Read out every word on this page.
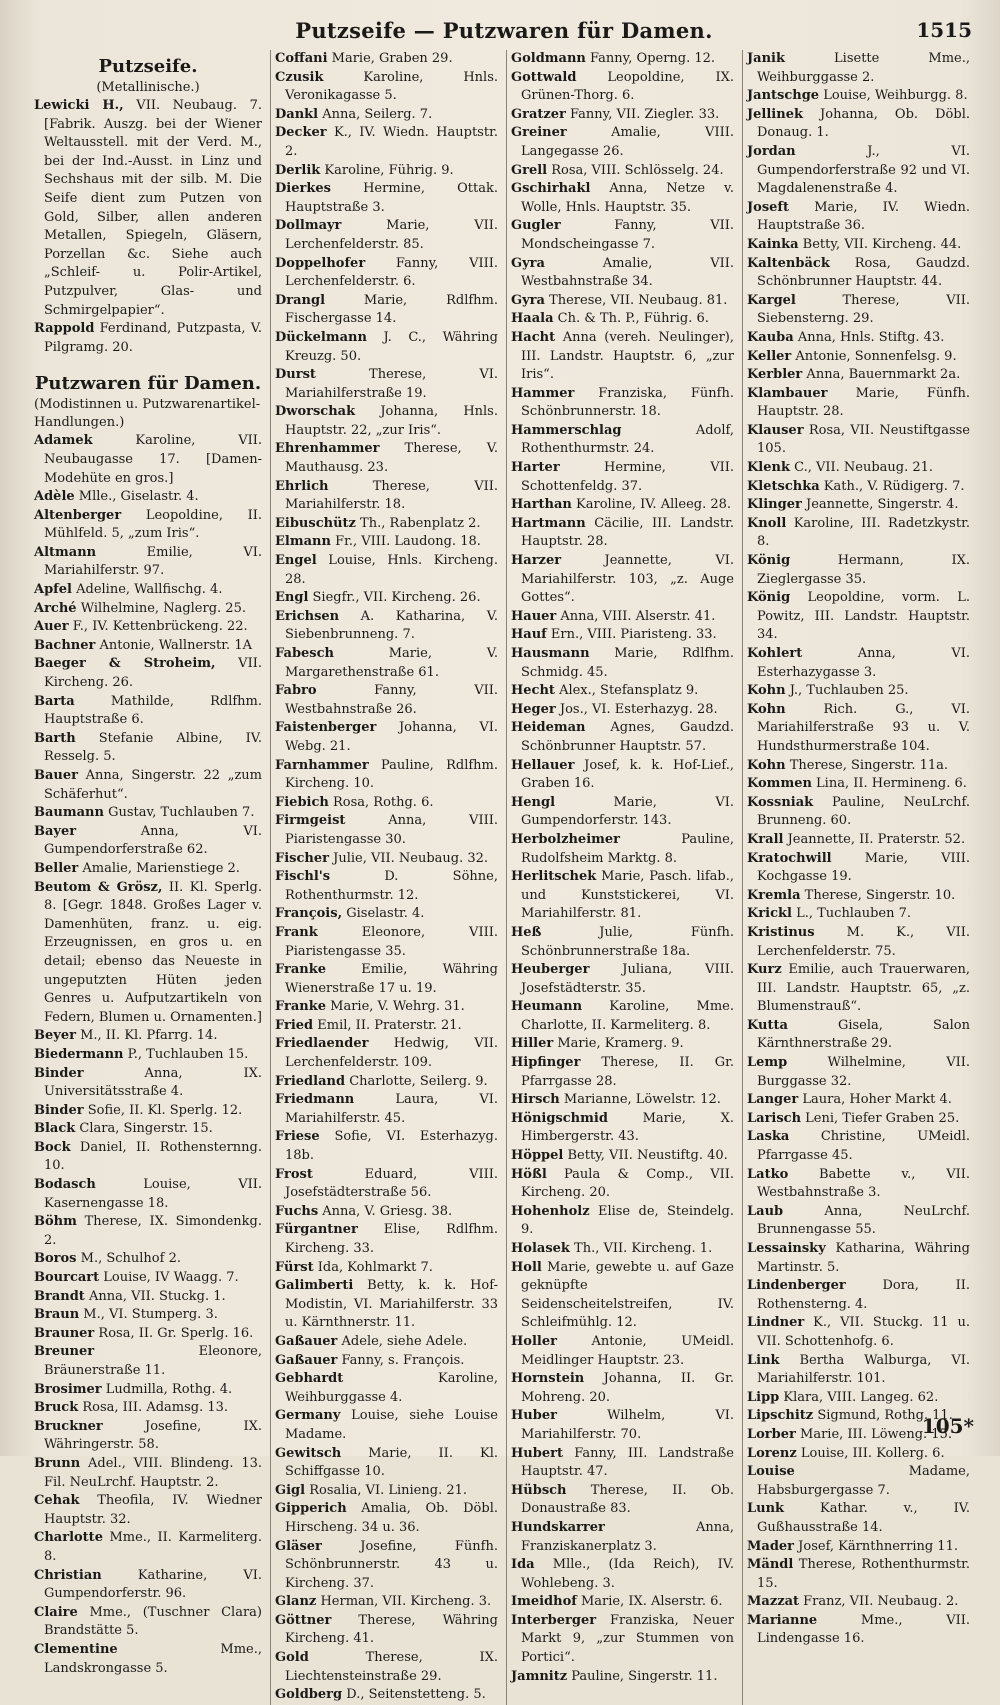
Putzseife — Putzwaren für Damen.	1515
Putzseife.
(Metallinische.)
Lewicki H., VII. Neubaug. 7. [Fabrik. Auszg. bei der Wiener Weltausstell. mit der Verd. M., bei der Ind.-Ausst. in Linz und Sechshaus mit der silb. M. Die Seife dient zum Putzen von Gold, Silber, allen anderen Metallen, Spiegeln, Gläsern, Porzellan &c. Siehe auch „Schleif- u. Polir-Artikel, Putzpulver, Glas- und Schmirgelpapier“.
Rappold Ferdinand, Putzpasta, V. Pilgramg. 20.
Putzwaren für Damen.
(Modistinnen u. Putzwarenartikel-Handlungen.)
Adamek Karoline, VII. Neubaugasse 17. [Damen-Modehüte en gros.]
Adèle Mlle., Giselastr. 4.
Altenberger Leopoldine, II. Mühlfeld. 5, „zum Iris“.
Altmann Emilie, VI. Mariahilferstr. 97.
Apfel Adeline, Wallfischg. 4.
Arché Wilhelmine, Naglerg. 25.
Auer F., IV. Kettenbrückeng. 22.
Bachner Antonie, Wallnerstr. 1A
Baeger & Stroheim, VII. Kircheng. 26.
Barta Mathilde, Rdlfhm. Hauptstraße 6.
Barth Stefanie Albine, IV. Resselg. 5.
Bauer Anna, Singerstr. 22 „zum Schäferhut“.
Baumann Gustav, Tuchlauben 7.
Bayer Anna, VI. Gumpendorferstraße 62.
Beller Amalie, Marienstiege 2.
Beutom & Grösz, II. Kl. Sperlg. 8. [Gegr. 1848. Großes Lager v. Damenhüten, franz. u. eig. Erzeugnissen, en gros u. en detail; ebenso das Neueste in ungeputzten Hüten jeden Genres u. Aufputzartikeln von Federn, Blumen u. Ornamenten.]
Beyer M., II. Kl. Pfarrg. 14.
Biedermann P., Tuchlauben 15.
Binder Anna, IX. Universitätsstraße 4.
Binder Sofie, II. Kl. Sperlg. 12.
Black Clara, Singerstr. 15.
Bock Daniel, II. Rothensternng. 10.
Bodasch Louise, VII. Kasernengasse 18.
Böhm Therese, IX. Simondenkg. 2.
Boros M., Schulhof 2.
Bourcart Louise, IV Waagg. 7.
Brandt Anna, VII. Stuckg. 1.
Braun M., VI. Stumperg. 3.
Brauner Rosa, II. Gr. Sperlg. 16.
Breuner Eleonore, Bräunerstraße 11.
Brosimer Ludmilla, Rothg. 4.
Bruck Rosa, III. Adamsg. 13.
Bruckner Josefine, IX. Währingerstr. 58.
Brunn Adel., VIII. Blindeng. 13. Fil. NeuLrchf. Hauptstr. 2.
Cehak Theofila, IV. Wiedner Hauptstr. 32.
Charlotte Mme., II. Karmeliterg. 8.
Christian Katharine, VI. Gumpendorferstr. 96.
Claire Mme., (Tuschner Clara) Brandstätte 5.
Clementine Mme., Landskrongasse 5.
Coffani Marie, Graben 29.
Czusik Karoline, Hnls. Veronikagasse 5.
Dankl Anna, Seilerg. 7.
Decker K., IV. Wiedn. Hauptstr. 2.
Derlik Karoline, Führig. 9.
Dierkes Hermine, Ottak. Hauptstraße 3.
Dollmayr Marie, VII. Lerchenfelderstr. 85.
Doppelhofer Fanny, VIII. Lerchenfelderstr. 6.
Drangl Marie, Rdlfhm. Fischergasse 14.
Dückelmann J. C., Währing Kreuzg. 50.
Durst Therese, VI. Mariahilferstraße 19.
Dworschak Johanna, Hnls. Hauptstr. 22, „zur Iris“.
Ehrenhammer Therese, V. Mauthausg. 23.
Ehrlich Therese, VII. Mariahilferstr. 18.
Eibuschütz Th., Rabenplatz 2.
Elmann Fr., VIII. Laudong. 18.
Engel Louise, Hnls. Kircheng. 28.
Engl Siegfr., VII. Kircheng. 26.
Erichsen A. Katharina, V. Siebenbrunneng. 7.
Fabesch Marie, V. Margarethenstraße 61.
Fabro Fanny, VII. Westbahnstraße 26.
Faistenberger Johanna, VI. Webg. 21.
Farnhammer Pauline, Rdlfhm. Kircheng. 10.
Fiebich Rosa, Rothg. 6.
Firmgeist Anna, VIII. Piaristengasse 30.
Fischer Julie, VII. Neubaug. 32.
Fischl's D. Söhne, Rothenthurmstr. 12.
François, Giselastr. 4.
Frank Eleonore, VIII. Piaristengasse 35.
Franke Emilie, Währing Wienerstraße 17 u. 19.
Franke Marie, V. Wehrg. 31.
Fried Emil, II. Praterstr. 21.
Friedlaender Hedwig, VII. Lerchenfelderstr. 109.
Friedland Charlotte, Seilerg. 9.
Friedmann Laura, VI. Mariahilferstr. 45.
Friese Sofie, VI. Esterhazyg. 18b.
Frost Eduard, VIII. Josefstädterstraße 56.
Fuchs Anna, V. Griesg. 38.
Fürgantner Elise, Rdlfhm. Kircheng. 33.
Fürst Ida, Kohlmarkt 7.
Galimberti Betty, k. k. Hof-Modistin, VI. Mariahilferstr. 33 u. Kärnthnerstr. 11.
Gaßauer Adele, siehe Adele.
Gaßauer Fanny, s. François.
Gebhardt Karoline, Weihburggasse 4.
Germany Louise, siehe Louise Madame.
Gewitsch Marie, II. Kl. Schiffgasse 10.
Gigl Rosalia, VI. Linieng. 21.
Gipperich Amalia, Ob. Döbl. Hirscheng. 34 u. 36.
Gläser Josefine, Fünfh. Schönbrunnerstr. 43 u. Kircheng. 37.
Glanz Herman, VII. Kircheng. 3.
Göttner Therese, Währing Kircheng. 41.
Gold Therese, IX. Liechtensteinstraße 29.
Goldberg D., Seitenstetteng. 5.
Goldmann Fanny, Operng. 12.
Gottwald Leopoldine, IX. Grünen-Thorg. 6.
Gratzer Fanny, VII. Ziegler. 33.
Greiner Amalie, VIII. Langegasse 26.
Grell Rosa, VIII. Schlösselg. 24.
Gschirhakl Anna, Netze v. Wolle, Hnls. Hauptstr. 35.
Gugler Fanny, VII. Mondscheingasse 7.
Gyra Amalie, VII. Westbahnstraße 34.
Gyra Therese, VII. Neubaug. 81.
Haala Ch. & Th. P., Führig. 6.
Hacht Anna (vereh. Neulinger), III. Landstr. Hauptstr. 6, „zur Iris“.
Hammer Franziska, Fünfh. Schönbrunnerstr. 18.
Hammerschlag Adolf, Rothenthurmstr. 24.
Harter Hermine, VII. Schottenfeldg. 37.
Harthan Karoline, IV. Alleeg. 28.
Hartmann Cäcilie, III. Landstr. Hauptstr. 28.
Harzer Jeannette, VI. Mariahilferstr. 103, „z. Auge Gottes“.
Hauer Anna, VIII. Alserstr. 41.
Hauf Ern., VIII. Piaristeng. 33.
Hausmann Marie, Rdlfhm. Schmidg. 45.
Hecht Alex., Stefansplatz 9.
Heger Jos., VI. Esterhazyg. 28.
Heideman Agnes, Gaudzd. Schönbrunner Hauptstr. 57.
Hellauer Josef, k. k. Hof-Lief., Graben 16.
Hengl Marie, VI. Gumpendorferstr. 143.
Herbolzheimer Pauline, Rudolfsheim Marktg. 8.
Herlitschek Marie, Pasch. lifab., und Kunststickerei, VI. Mariahilferstr. 81.
Heß Julie, Fünfh. Schönbrunnerstraße 18a.
Heuberger Juliana, VIII. Josefstädterstr. 35.
Heumann Karoline, Mme. Charlotte, II. Karmeliterg. 8.
Hiller Marie, Kramerg. 9.
Hipfinger Therese, II. Gr. Pfarrgasse 28.
Hirsch Marianne, Löwelstr. 12.
Hönigschmid Marie, X. Himbergerstr. 43.
Höppel Betty, VII. Neustiftg. 40.
Hößl Paula & Comp., VII. Kircheng. 20.
Hohenholz Elise de, Steindelg. 9.
Holasek Th., VII. Kircheng. 1.
Holl Marie, gewebte u. auf Gaze geknüpfte Seidenscheitelstreifen, IV. Schleifmühlg. 12.
Holler Antonie, UMeidl. Meidlinger Hauptstr. 23.
Hornstein Johanna, II. Gr. Mohreng. 20.
Huber Wilhelm, VI. Mariahilferstr. 70.
Hubert Fanny, III. Landstraße Hauptstr. 47.
Hübsch Therese, II. Ob. Donaustraße 83.
Hundskarrer Anna, Franziskanerplatz 3.
Ida Mlle., (Ida Reich), IV. Wohlebeng. 3.
Imeidhof Marie, IX. Alserstr. 6.
Interberger Franziska, Neuer Markt 9, „zur Stummen von Portici“.
Jamnitz Pauline, Singerstr. 11.
Janik Lisette Mme., Weihburggasse 2.
Jantschge Louise, Weihburgg. 8.
Jellinek Johanna, Ob. Döbl. Donaug. 1.
Jordan J., VI. Gumpendorferstraße 92 und VI. Magdalenenstraße 4.
Joseft Marie, IV. Wiedn. Hauptstraße 36.
Kainka Betty, VII. Kircheng. 44.
Kaltenbäck Rosa, Gaudzd. Schönbrunner Hauptstr. 44.
Kargel Therese, VII. Siebensterng. 29.
Kauba Anna, Hnls. Stiftg. 43.
Keller Antonie, Sonnenfelsg. 9.
Kerbler Anna, Bauernmarkt 2a.
Klambauer Marie, Fünfh. Hauptstr. 28.
Klauser Rosa, VII. Neustiftgasse 105.
Klenk C., VII. Neubaug. 21.
Kletschka Kath., V. Rüdigerg. 7.
Klinger Jeannette, Singerstr. 4.
Knoll Karoline, III. Radetzkystr. 8.
König Hermann, IX. Zieglergasse 35.
König Leopoldine, vorm. L. Powitz, III. Landstr. Hauptstr. 34.
Kohlert Anna, VI. Esterhazygasse 3.
Kohn J., Tuchlauben 25.
Kohn Rich. G., VI. Mariahilferstraße 93 u. V. Hundsthurmerstraße 104.
Kohn Therese, Singerstr. 11a.
Kommen Lina, II. Hermineng. 6.
Kossniak Pauline, NeuLrchf. Brunneng. 60.
Krall Jeannette, II. Praterstr. 52.
Kratochwill Marie, VIII. Kochgasse 19.
Kremla Therese, Singerstr. 10.
Krickl L., Tuchlauben 7.
Kristinus M. K., VII. Lerchenfelderstr. 75.
Kurz Emilie, auch Trauerwaren, III. Landstr. Hauptstr. 65, „z. Blumenstrauß“.
Kutta Gisela, Salon Kärnthnerstraße 29.
Lemp Wilhelmine, VII. Burggasse 32.
Langer Laura, Hoher Markt 4.
Larisch Leni, Tiefer Graben 25.
Laska Christine, UMeidl. Pfarrgasse 45.
Latko Babette v., VII. Westbahnstraße 3.
Laub Anna, NeuLrchf. Brunnengasse 55.
Lessainsky Katharina, Währing Martinstr. 5.
Lindenberger Dora, II. Rothensterng. 4.
Lindner K., VII. Stuckg. 11 u. VII. Schottenhofg. 6.
Link Bertha Walburga, VI. Mariahilferstr. 101.
Lipp Klara, VIII. Langeg. 62.
Lipschitz Sigmund, Rothg. 11.
Lorber Marie, III. Löweng. 15.
Lorenz Louise, III. Kollerg. 6.
Louise Madame, Habsburgergasse 7.
Lunk Kathar. v., IV. Gußhausstraße 14.
Mader Josef, Kärnthnerring 11.
Mändl Therese, Rothenthurmstr. 15.
Mazzat Franz, VII. Neubaug. 2.
Marianne Mme., VII. Lindengasse 16.
105*
